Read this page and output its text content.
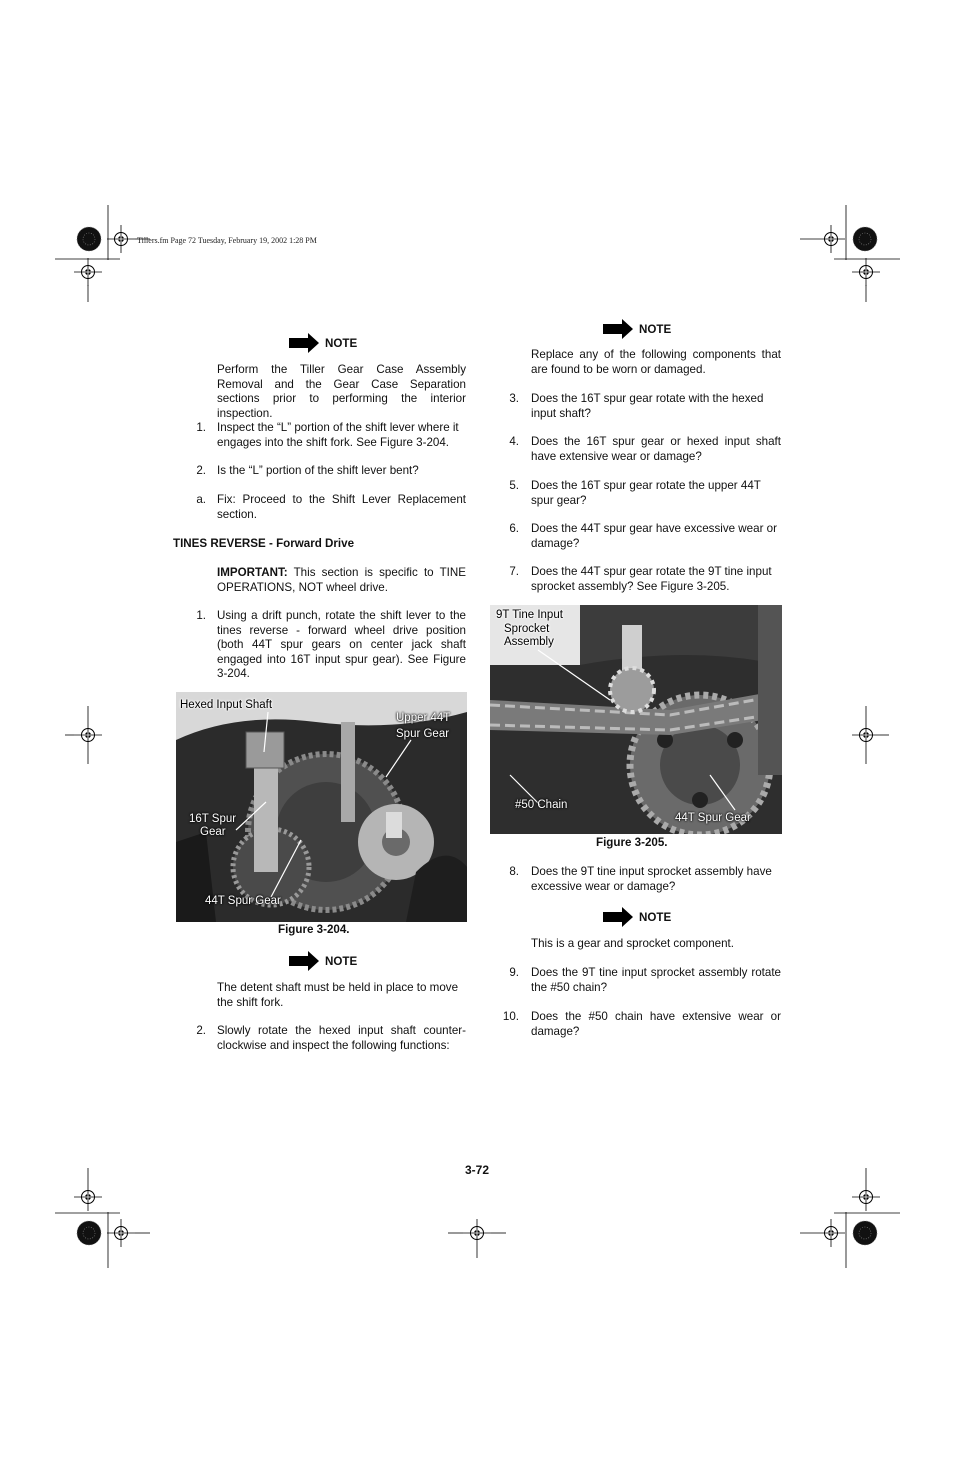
Tillers.fm Page 72 Tuesday, February 19, 2002 1:28 PM
NOTE
Perform the Tiller Gear Case Assembly Removal and the Gear Case Separation sections prior to performing the interior inspection.
1. Inspect the “L” portion of the shift lever where it engages into the shift fork. See Figure 3-204.
2. Is the “L” portion of the shift lever bent?
a. Fix: Proceed to the Shift Lever Replacement section.
TINES REVERSE - Forward Drive
IMPORTANT: This section is specific to TINE OPERATIONS, NOT wheel drive.
1. Using a drift punch, rotate the shift lever to the tines reverse - forward wheel drive position (both 44T spur gears on center jack shaft engaged into 16T input spur gear). See Figure 3-204.
Hexed Input Shaft
Upper 44T
Spur Gear
16T Spur
Gear
44T Spur Gear
Figure 3-204.
NOTE
The detent shaft must be held in place to move the shift fork.
2. Slowly rotate the hexed input shaft counter-clockwise and inspect the following functions:
NOTE
Replace any of the following components that are found to be worn or damaged.
3. Does the 16T spur gear rotate with the hexed input shaft?
4. Does the 16T spur gear or hexed input shaft have extensive wear or damage?
5. Does the 16T spur gear rotate the upper 44T spur gear?
6. Does the 44T spur gear have excessive wear or damage?
7. Does the 44T spur gear rotate the 9T tine input sprocket assembly? See Figure 3-205.
9T Tine Input
Sprocket
Assembly
#50 Chain
44T Spur Gear
Figure 3-205.
8. Does the 9T tine input sprocket assembly have excessive wear or damage?
NOTE
This is a gear and sprocket component.
9. Does the 9T tine input sprocket assembly rotate the #50 chain?
10. Does the #50 chain have extensive wear or damage?
3-72
